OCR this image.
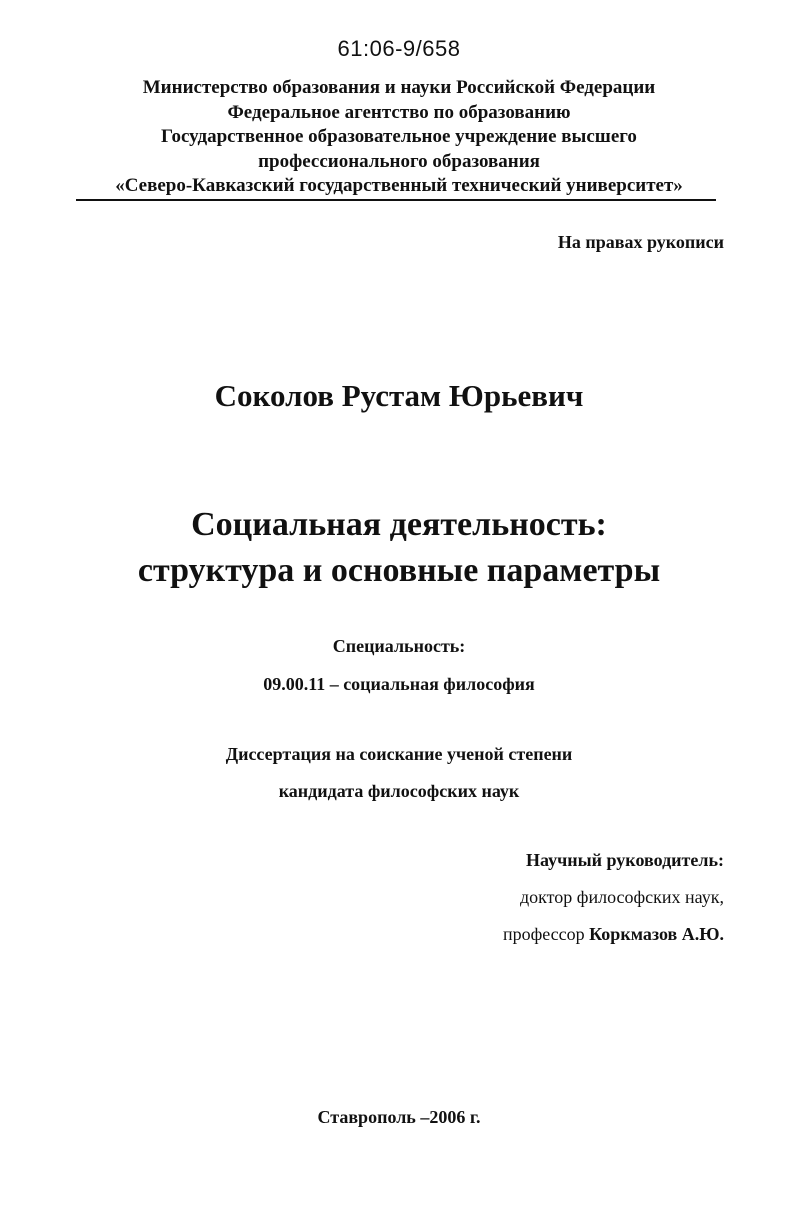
61:06-9/658
Министерство образования и науки Российской Федерации
Федеральное агентство по образованию
Государственное образовательное учреждение высшего
профессионального образования
«Северо-Кавказский государственный технический университет»
На правах рукописи
Соколов Рустам Юрьевич
Социальная деятельность:
структура и основные параметры
Специальность:
09.00.11 – социальная философия
Диссертация на соискание ученой степени
кандидата философских наук
Научный руководитель:
доктор философских наук,
профессор Коркмазов А.Ю.
Ставрополь –2006 г.
